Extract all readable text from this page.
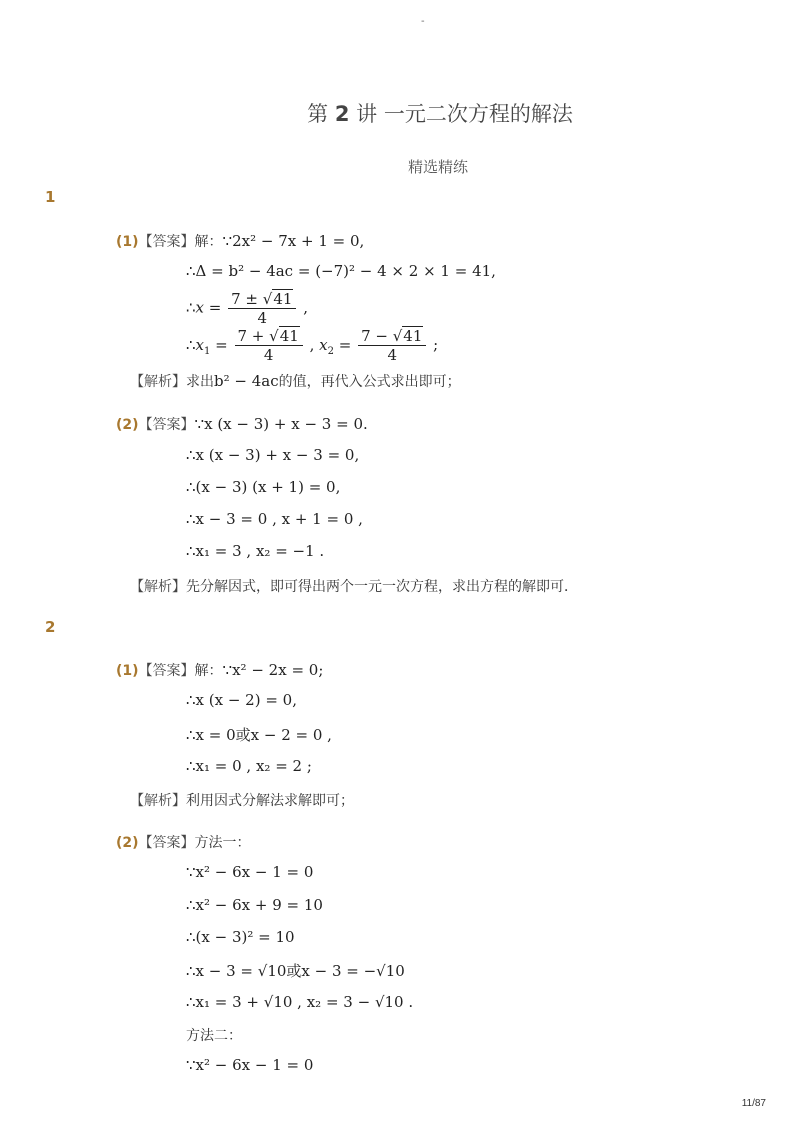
-
第 2 讲 一元二次方程的解法
精选精练
1
(1)【答案】解：∵2x² − 7x + 1 = 0,
∴Δ = b² − 4ac = (−7)² − 4 × 2 × 1 = 41,
∴x = $\frac{7 \pm √41}{4}$ ,
$\therefore x_1 = \frac{7 + √41}{4}$ , $x_2 = \frac{7 - √41}{4}$ ;
【解析】求出b² − 4ac的值，再代入公式求出即可；
(2)【答案】∵x (x − 3) + x − 3 = 0.
∴x (x − 3) + x − 3 = 0,
∴(x − 3) (x + 1) = 0,
∴x − 3 = 0 , x + 1 = 0 ,
∴x₁ = 3 , x₂ = −1 .
【解析】先分解因式，即可得出两个一元一次方程，求出方程的解即可．
2
(1)【答案】解：∵x² − 2x = 0;
∴x (x − 2) = 0,
∴x = 0或x − 2 = 0 ,
∴x₁ = 0 , x₂ = 2 ;
【解析】利用因式分解法求解即可；
(2)【答案】方法一：
∵x² − 6x − 1 = 0
∴x² − 6x + 9 = 10
∴(x − 3)² = 10
∴x − 3 = √10或x − 3 = −√10
∴x₁ = 3 + √10 , x₂ = 3 − √10 .
方法二：
∵x² − 6x − 1 = 0
11/87
